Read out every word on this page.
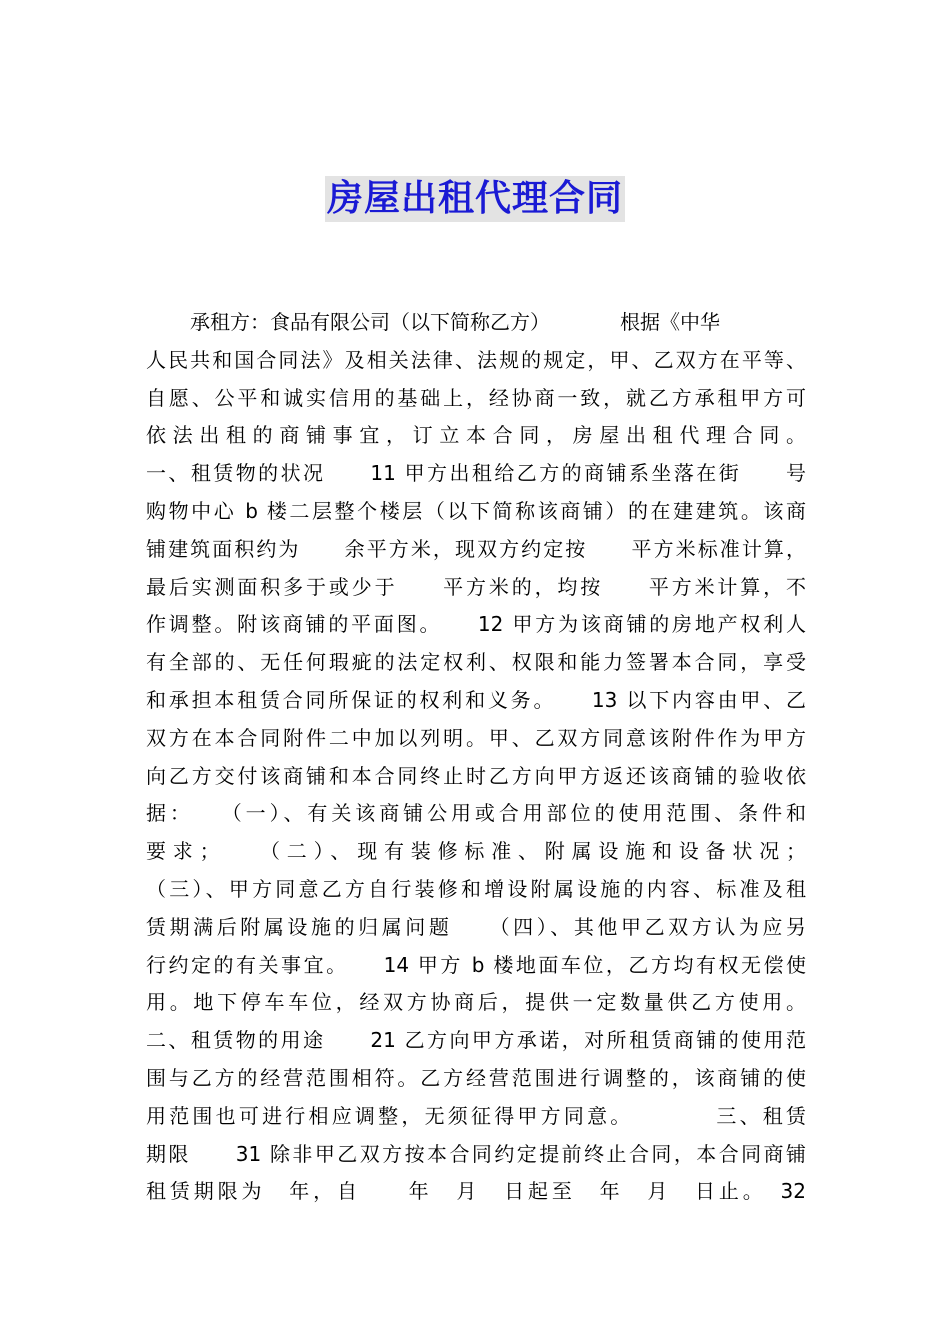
房屋出租代理合同
承租方：食品有限公司（以下简称乙方）　　　　根据《中华
人民共和国合同法》及相关法律、法规的规定，甲、乙双方在平等、
自愿、公平和诚实信用的基础上，经协商一致，就乙方承租甲方可
依法出租的商铺事宜，订立本合同，房屋出租代理合同。
一、租赁物的状况　　11 甲方出租给乙方的商铺系坐落在街　　号
购物中心 b 楼二层整个楼层（以下简称该商铺）的在建建筑。该商
铺建筑面积约为　　余平方米，现双方约定按　　平方米标准计算，
最后实测面积多于或少于　　平方米的，均按　　平方米计算，不
作调整。附该商铺的平面图。　　12 甲方为该商铺的房地产权利人
有全部的、无任何瑕疵的法定权利、权限和能力签署本合同，享受
和承担本租赁合同所保证的权利和义务。　　13 以下内容由甲、乙
双方在本合同附件二中加以列明。甲、乙双方同意该附件作为甲方
向乙方交付该商铺和本合同终止时乙方向甲方返还该商铺的验收依
据：　　（一）、有关该商铺公用或合用部位的使用范围、条件和
要求；　　（二）、现有装修标准、附属设施和设备状况；
（三）、甲方同意乙方自行装修和增设附属设施的内容、标准及租
赁期满后附属设施的归属问题　　（四）、其他甲乙双方认为应另
行约定的有关事宜。　　14 甲方 b 楼地面车位，乙方均有权无偿使
用。地下停车车位，经双方协商后，提供一定数量供乙方使用。
二、租赁物的用途　　21 乙方向甲方承诺，对所租赁商铺的使用范
围与乙方的经营范围相符。乙方经营范围进行调整的，该商铺的使
用范围也可进行相应调整，无须征得甲方同意。　　　　三、租赁
期限　　31 除非甲乙双方按本合同约定提前终止合同，本合同商铺
租赁期限为　年，自　　年　月　日起至　年　月　日止。　32
